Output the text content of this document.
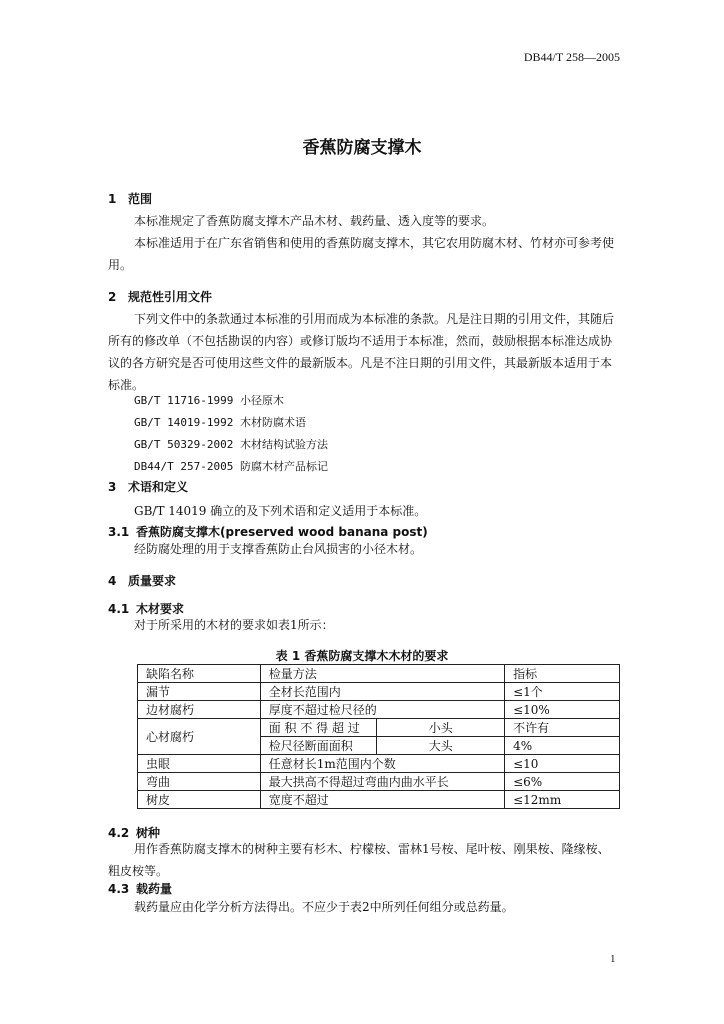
DB44/T 258—2005
香蕉防腐支撑木
1 范围
本标准规定了香蕉防腐支撑木产品木材、载药量、透入度等的要求。
本标准适用于在广东省销售和使用的香蕉防腐支撑木，其它农用防腐木材、竹材亦可参考使用。
2 规范性引用文件
下列文件中的条款通过本标准的引用而成为本标准的条款。凡是注日期的引用文件，其随后所有的修改单（不包括勘误的内容）或修订版均不适用于本标准，然而，鼓励根据本标准达成协议的各方研究是否可使用这些文件的最新版本。凡是不注日期的引用文件，其最新版本适用于本标准。
GB/T 11716-1999 小径原木
GB/T 14019-1992 木材防腐术语
GB/T 50329-2002 木材结构试验方法
DB44/T 257-2005 防腐木材产品标记
3 术语和定义
GB/T 14019 确立的及下列术语和定义适用于本标准。
3.1 香蕉防腐支撑木(preserved wood banana post)
经防腐处理的用于支撑香蕉防止台风损害的小径木材。
4 质量要求
4.1 木材要求
对于所采用的木材的要求如表1所示：
表 1 香蕉防腐支撑木木材的要求
缺陷名称	检量方法		指标
漏节	全材长范围内		≤1个
边材腐朽	厚度不超过检尺径的		≤10%
心材腐朽	面 积 不 得 超 过	小头	不许有
	检尺径断面面积	大头	4%
虫眼	任意材长1m范围内个数		≤10
弯曲	最大拱高不得超过弯曲内曲水平长		≤6%
树皮	宽度不超过		≤12mm
4.2 树种
用作香蕉防腐支撑木的树种主要有杉木、柠檬桉、雷林1号桉、尾叶桉、刚果桉、隆缘桉、粗皮桉等。
4.3 载药量
载药量应由化学分析方法得出。不应少于表2中所列任何组分或总药量。
1
